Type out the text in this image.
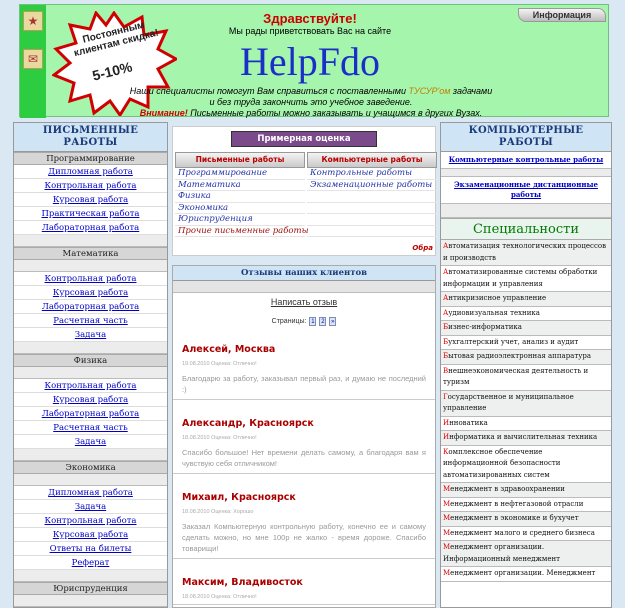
★
✉
Постоянным клиентам скидка!
5-10%
Информация
Здравствуйте!
Мы рады приветствовать Вас на сайте
HelpFdo
Наши специалисты помогут Вам справиться с поставленными ТУСУР'ом задачами
и без труда закончить это учебное заведение.
Внимание! Письменные работы можно заказывать и учащимся в других Вузах.
ПИСЬМЕННЫЕ РАБОТЫ
Программирование
Дипломная работа
Контрольная работа
Курсовая работа
Практическая работа
Лабораторная работа
Математика
Контрольная работа
Курсовая работа
Лабораторная работа
Расчетная часть
Задача
Физика
Контрольная работа
Курсовая работа
Лабораторная работа
Расчетная часть
Задача
Экономика
Дипломная работа
Задача
Контрольная работа
Курсовая работа
Ответы на билеты
Реферат
Юриспруденция
Примерная оценка
Письменные работы
Программирование
Математика
Физика
Экономика
Юриспруденция
Прочие письменные работы
Компьютерные работы
Контрольные работы
Экзаменационные работы
Обра
Отзывы наших клиентов
Написать отзыв
Страницы: 1 2 »
Алексей, Москва
19.08.2010 Оценка: Отлично!
Благодарю за работу, заказывал первый раз, и думаю не последний :)
Александр, Красноярск
18.08.2010 Оценка: Отлично!
Спасибо большое! Нет времени делать самому, а благодаря вам я чувствую себя отличником!
Михаил, Красноярск
18.08.2010 Оценка: Хорошо
Заказал Компьютерную контрольную работу, конечно ее и самому сделать можно, но мне 100р не жалко - время дороже. Спасибо товарищи!
Максим, Владивосток
18.08.2010 Оценка: Отлично!
КОМПЬЮТЕРНЫЕ РАБОТЫ
Компьютерные контрольные работы
Экзаменационные дистанционные работы
Специальности
Автоматизация технологических процессов и производств
Автоматизированные системы обработки информации и управления
Антикризисное управление
Аудиовизуальная техника
Бизнес-информатика
Бухгалтерский учет, анализ и аудит
Бытовая радиоэлектронная аппаратура
Внешнеэкономическая деятельность и туризм
Государственное и муниципальное управление
Инноватика
Информатика и вычислительная техника
Комплексное обеспечение информационной безопасности автоматизированных систем
Менеджмент в здравоохранении
Менеджмент в нефтегазовой отрасли
Менеджмент в экономике и бухучет
Менеджмент малого и среднего бизнеса
Менеджмент организации. Информационный менеджмент
Менеджмент организации. Менеджмент
